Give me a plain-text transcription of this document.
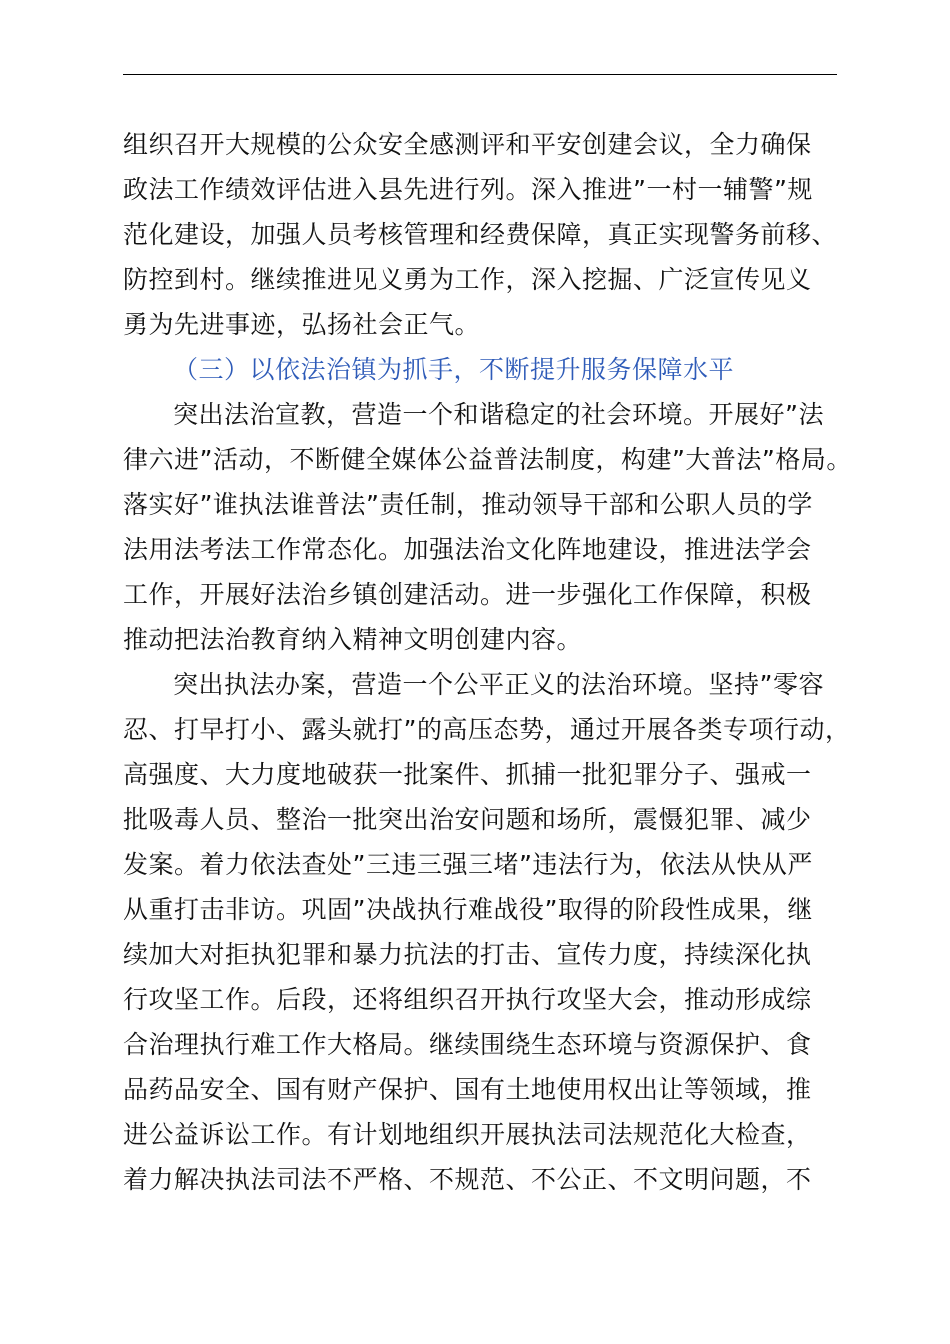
组织召开大规模的公众安全感测评和平安创建会议，全力确保
政法工作绩效评估进入县先进行列。深入推进”一村一辅警”规
范化建设，加强人员考核管理和经费保障，真正实现警务前移、
防控到村。继续推进见义勇为工作，深入挖掘、广泛宣传见义
勇为先进事迹，弘扬社会正气。
（三）以依法治镇为抓手，不断提升服务保障水平
突出法治宣教，营造一个和谐稳定的社会环境。开展好”法
律六进”活动，不断健全媒体公益普法制度，构建”大普法”格局。
落实好”谁执法谁普法”责任制，推动领导干部和公职人员的学
法用法考法工作常态化。加强法治文化阵地建设，推进法学会
工作，开展好法治乡镇创建活动。进一步强化工作保障，积极
推动把法治教育纳入精神文明创建内容。
突出执法办案，营造一个公平正义的法治环境。坚持”零容
忍、打早打小、露头就打”的高压态势，通过开展各类专项行动，
高强度、大力度地破获一批案件、抓捕一批犯罪分子、强戒一
批吸毒人员、整治一批突出治安问题和场所，震慑犯罪、减少
发案。着力依法查处”三违三强三堵”违法行为，依法从快从严
从重打击非访。巩固”决战执行难战役”取得的阶段性成果，继
续加大对拒执犯罪和暴力抗法的打击、宣传力度，持续深化执
行攻坚工作。后段，还将组织召开执行攻坚大会，推动形成综
合治理执行难工作大格局。继续围绕生态环境与资源保护、食
品药品安全、国有财产保护、国有土地使用权出让等领域，推
进公益诉讼工作。有计划地组织开展执法司法规范化大检查，
着力解决执法司法不严格、不规范、不公正、不文明问题，不
